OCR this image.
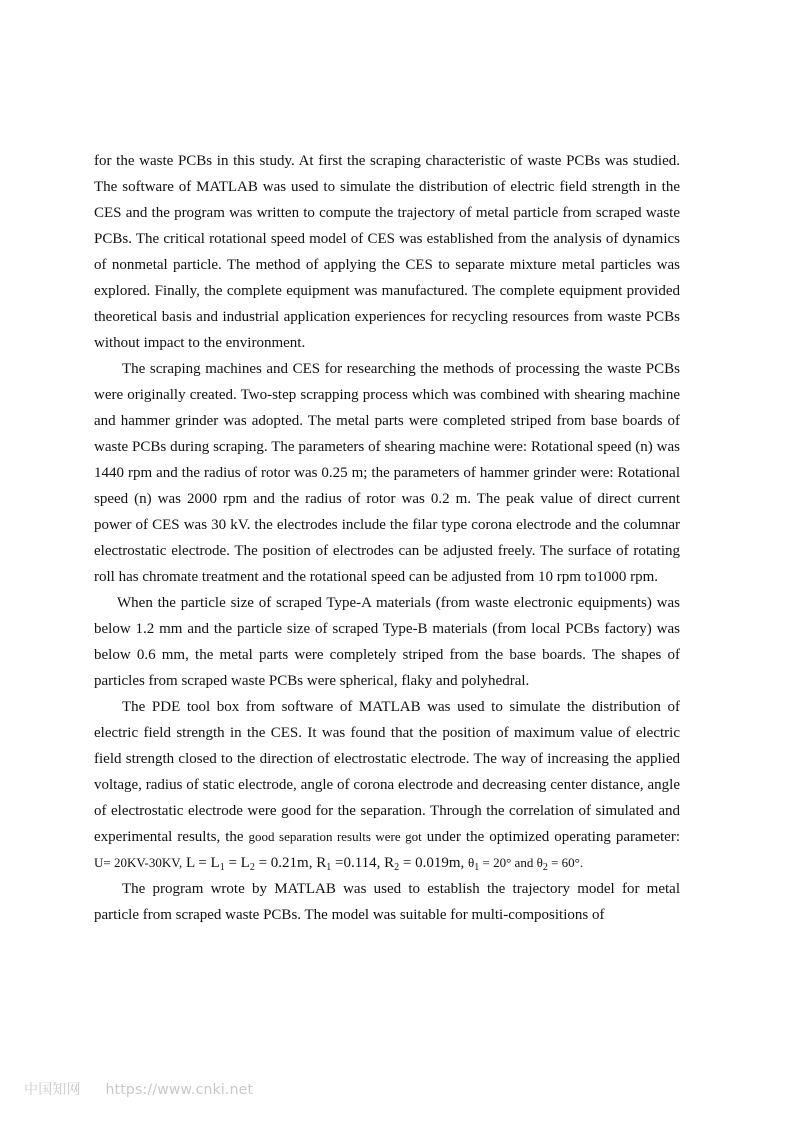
for the waste PCBs in this study. At first the scraping characteristic of waste PCBs was studied. The software of MATLAB was used to simulate the distribution of electric field strength in the CES and the program was written to compute the trajectory of metal particle from scraped waste PCBs. The critical rotational speed model of CES was established from the analysis of dynamics of nonmetal particle. The method of applying the CES to separate mixture metal particles was explored. Finally, the complete equipment was manufactured. The complete equipment provided theoretical basis and industrial application experiences for recycling resources from waste PCBs without impact to the environment.

The scraping machines and CES for researching the methods of processing the waste PCBs were originally created. Two-step scrapping process which was combined with shearing machine and hammer grinder was adopted. The metal parts were completed striped from base boards of waste PCBs during scraping. The parameters of shearing machine were: Rotational speed (n) was 1440 rpm and the radius of rotor was 0.25 m; the parameters of hammer grinder were: Rotational speed (n) was 2000 rpm and the radius of rotor was 0.2 m. The peak value of direct current power of CES was 30 kV. the electrodes include the filar type corona electrode and the columnar electrostatic electrode. The position of electrodes can be adjusted freely. The surface of rotating roll has chromate treatment and the rotational speed can be adjusted from 10 rpm to1000 rpm.

When the particle size of scraped Type-A materials (from waste electronic equipments) was below 1.2 mm and the particle size of scraped Type-B materials (from local PCBs factory) was below 0.6 mm, the metal parts were completely striped from the base boards. The shapes of particles from scraped waste PCBs were spherical, flaky and polyhedral.

The PDE tool box from software of MATLAB was used to simulate the distribution of electric field strength in the CES. It was found that the position of maximum value of electric field strength closed to the direction of electrostatic electrode. The way of increasing the applied voltage, radius of static electrode, angle of corona electrode and decreasing center distance, angle of electrostatic electrode were good for the separation. Through the correlation of simulated and experimental results, the good separation results were got under the optimized operating parameter: U= 20KV-30KV, $L = L_1 = L_2 = 0.21m$, $R_1 =0.114$, $R_2 = 0.019m$, $\theta_1 = 20^\circ$ and $\theta_2 = 60^\circ$.

The program wrote by MATLAB was used to establish the trajectory model for metal particle from scraped waste PCBs. The model was suitable for multi-compositions of

中国知网 https://www.cnki.net
